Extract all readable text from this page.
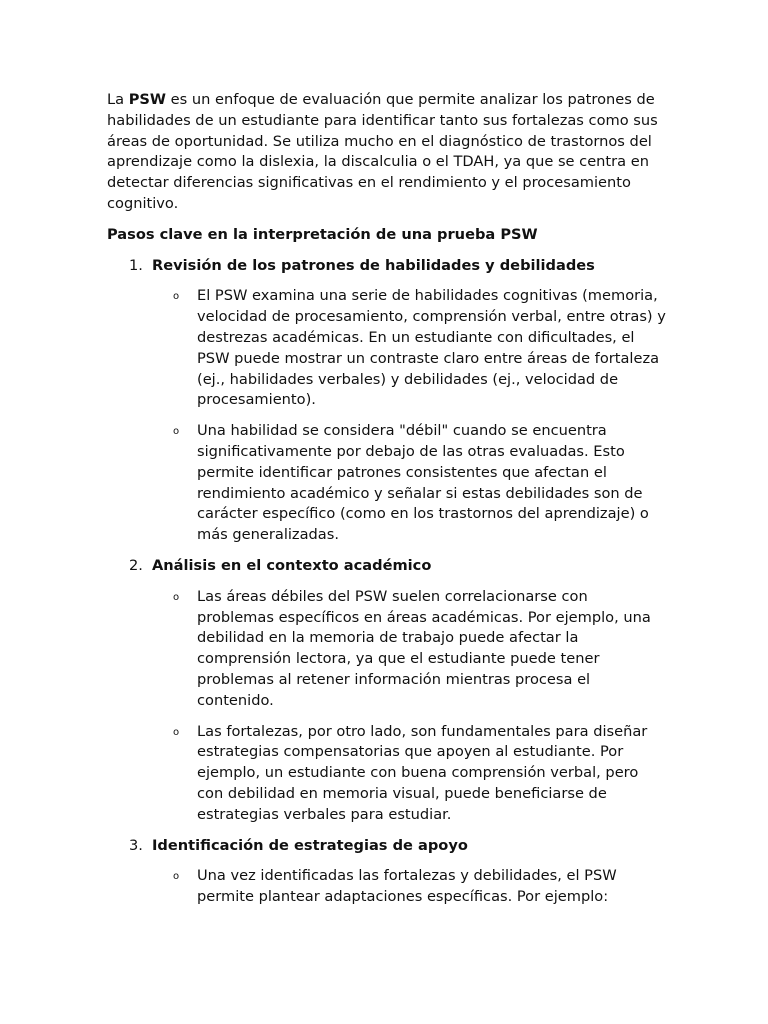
La PSW es un enfoque de evaluación que permite analizar los patrones de habilidades de un estudiante para identificar tanto sus fortalezas como sus áreas de oportunidad. Se utiliza mucho en el diagnóstico de trastornos del aprendizaje como la dislexia, la discalculia o el TDAH, ya que se centra en detectar diferencias significativas en el rendimiento y el procesamiento cognitivo.

Pasos clave en la interpretación de una prueba PSW

1. Revisión de los patrones de habilidades y debilidades
o El PSW examina una serie de habilidades cognitivas (memoria, velocidad de procesamiento, comprensión verbal, entre otras) y destrezas académicas. En un estudiante con dificultades, el PSW puede mostrar un contraste claro entre áreas de fortaleza (ej., habilidades verbales) y debilidades (ej., velocidad de procesamiento).
o Una habilidad se considera "débil" cuando se encuentra significativamente por debajo de las otras evaluadas. Esto permite identificar patrones consistentes que afectan el rendimiento académico y señalar si estas debilidades son de carácter específico (como en los trastornos del aprendizaje) o más generalizadas.
2. Análisis en el contexto académico
o Las áreas débiles del PSW suelen correlacionarse con problemas específicos en áreas académicas. Por ejemplo, una debilidad en la memoria de trabajo puede afectar la comprensión lectora, ya que el estudiante puede tener problemas al retener información mientras procesa el contenido.
o Las fortalezas, por otro lado, son fundamentales para diseñar estrategias compensatorias que apoyen al estudiante. Por ejemplo, un estudiante con buena comprensión verbal, pero con debilidad en memoria visual, puede beneficiarse de estrategias verbales para estudiar.
3. Identificación de estrategias de apoyo
o Una vez identificadas las fortalezas y debilidades, el PSW permite plantear adaptaciones específicas. Por ejemplo:
